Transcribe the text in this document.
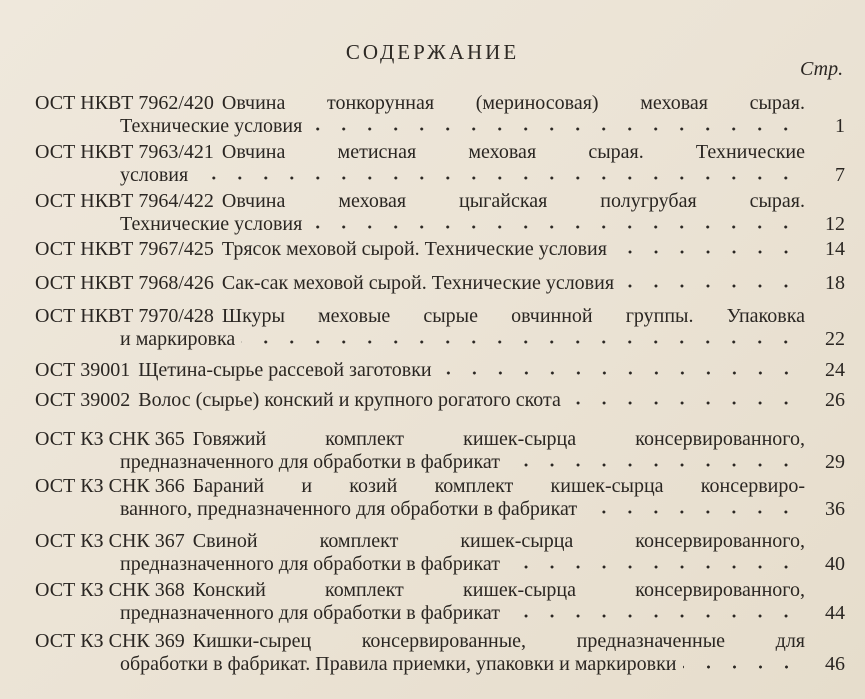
СОДЕРЖАНИЕ
Стр.
ОСТ НКВТ 7962/420 Овчина тонкорунная (мериносовая) меховая сырая.
Технические условия	1
ОСТ НКВТ 7963/421 Овчина метисная меховая сырая. Технические
условия	7
ОСТ НКВТ 7964/422 Овчина меховая цыгайская полугрубая сырая.
Технические условия	12
ОСТ НКВТ 7967/425 Трясок меховой сырой. Технические условия	14
ОСТ НКВТ 7968/426 Сак-сак меховой сырой. Технические условия	18
ОСТ НКВТ 7970/428 Шкуры меховые сырые овчинной группы. Упаковка
и маркировка	22
ОСТ 39001 Щетина-сырье рассевой заготовки	24
ОСТ 39002 Волос (сырье) конский и крупного рогатого скота	26
ОСТ КЗ СНК 365 Говяжий комплект кишек-сырца консервированного,
предназначенного для обработки в фабрикат	29
ОСТ КЗ СНК 366 Бараний и козий комплект кишек-сырца консервиро-
ванного, предназначенного для обработки в фабрикат	36
ОСТ КЗ СНК 367 Свиной комплект кишек-сырца консервированного,
предназначенного для обработки в фабрикат	40
ОСТ КЗ СНК 368 Конский комплект кишек-сырца консервированного,
предназначенного для обработки в фабрикат	44
ОСТ КЗ СНК 369 Кишки-сырец консервированные, предназначенные для
обработки в фабрикат. Правила приемки, упаковки и маркировки	46
